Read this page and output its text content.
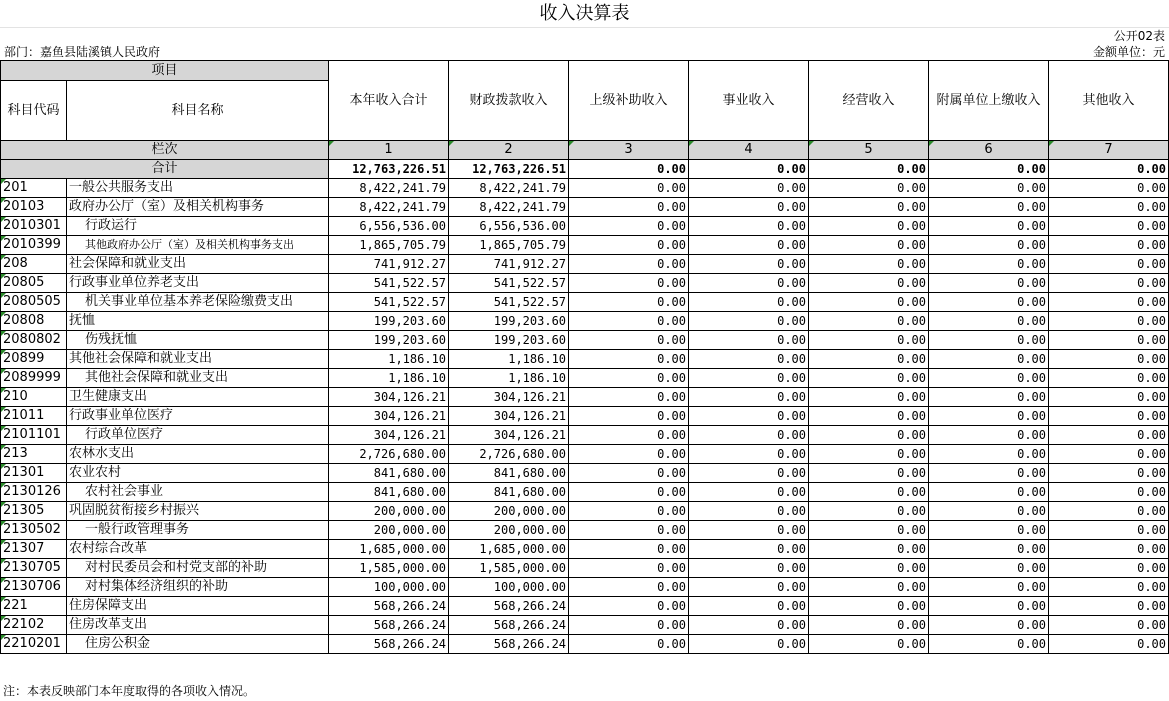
收入决算表
公开02表
部门：嘉鱼县陆溪镇人民政府	金额单位：元
项目		本年收入合计	财政拨款收入	上级补助收入	事业收入	经营收入	附属单位上缴收入	其他收入
科目代码	科目名称							
栏次		1	2	3	4	5	6	7
合计		12,763,226.51	12,763,226.51	0.00	0.00	0.00	0.00	0.00
201	一般公共服务支出	8,422,241.79	8,422,241.79	0.00	0.00	0.00	0.00	0.00
20103	政府办公厅（室）及相关机构事务	8,422,241.79	8,422,241.79	0.00	0.00	0.00	0.00	0.00
2010301	行政运行	6,556,536.00	6,556,536.00	0.00	0.00	0.00	0.00	0.00
2010399	其他政府办公厅（室）及相关机构事务支出	1,865,705.79	1,865,705.79	0.00	0.00	0.00	0.00	0.00
208	社会保障和就业支出	741,912.27	741,912.27	0.00	0.00	0.00	0.00	0.00
20805	行政事业单位养老支出	541,522.57	541,522.57	0.00	0.00	0.00	0.00	0.00
2080505	机关事业单位基本养老保险缴费支出	541,522.57	541,522.57	0.00	0.00	0.00	0.00	0.00
20808	抚恤	199,203.60	199,203.60	0.00	0.00	0.00	0.00	0.00
2080802	伤残抚恤	199,203.60	199,203.60	0.00	0.00	0.00	0.00	0.00
20899	其他社会保障和就业支出	1,186.10	1,186.10	0.00	0.00	0.00	0.00	0.00
2089999	其他社会保障和就业支出	1,186.10	1,186.10	0.00	0.00	0.00	0.00	0.00
210	卫生健康支出	304,126.21	304,126.21	0.00	0.00	0.00	0.00	0.00
21011	行政事业单位医疗	304,126.21	304,126.21	0.00	0.00	0.00	0.00	0.00
2101101	行政单位医疗	304,126.21	304,126.21	0.00	0.00	0.00	0.00	0.00
213	农林水支出	2,726,680.00	2,726,680.00	0.00	0.00	0.00	0.00	0.00
21301	农业农村	841,680.00	841,680.00	0.00	0.00	0.00	0.00	0.00
2130126	农村社会事业	841,680.00	841,680.00	0.00	0.00	0.00	0.00	0.00
21305	巩固脱贫衔接乡村振兴	200,000.00	200,000.00	0.00	0.00	0.00	0.00	0.00
2130502	一般行政管理事务	200,000.00	200,000.00	0.00	0.00	0.00	0.00	0.00
21307	农村综合改革	1,685,000.00	1,685,000.00	0.00	0.00	0.00	0.00	0.00
2130705	对村民委员会和村党支部的补助	1,585,000.00	1,585,000.00	0.00	0.00	0.00	0.00	0.00
2130706	对村集体经济组织的补助	100,000.00	100,000.00	0.00	0.00	0.00	0.00	0.00
221	住房保障支出	568,266.24	568,266.24	0.00	0.00	0.00	0.00	0.00
22102	住房改革支出	568,266.24	568,266.24	0.00	0.00	0.00	0.00	0.00
2210201	住房公积金	568,266.24	568,266.24	0.00	0.00	0.00	0.00	0.00
注：本表反映部门本年度取得的各项收入情况。
